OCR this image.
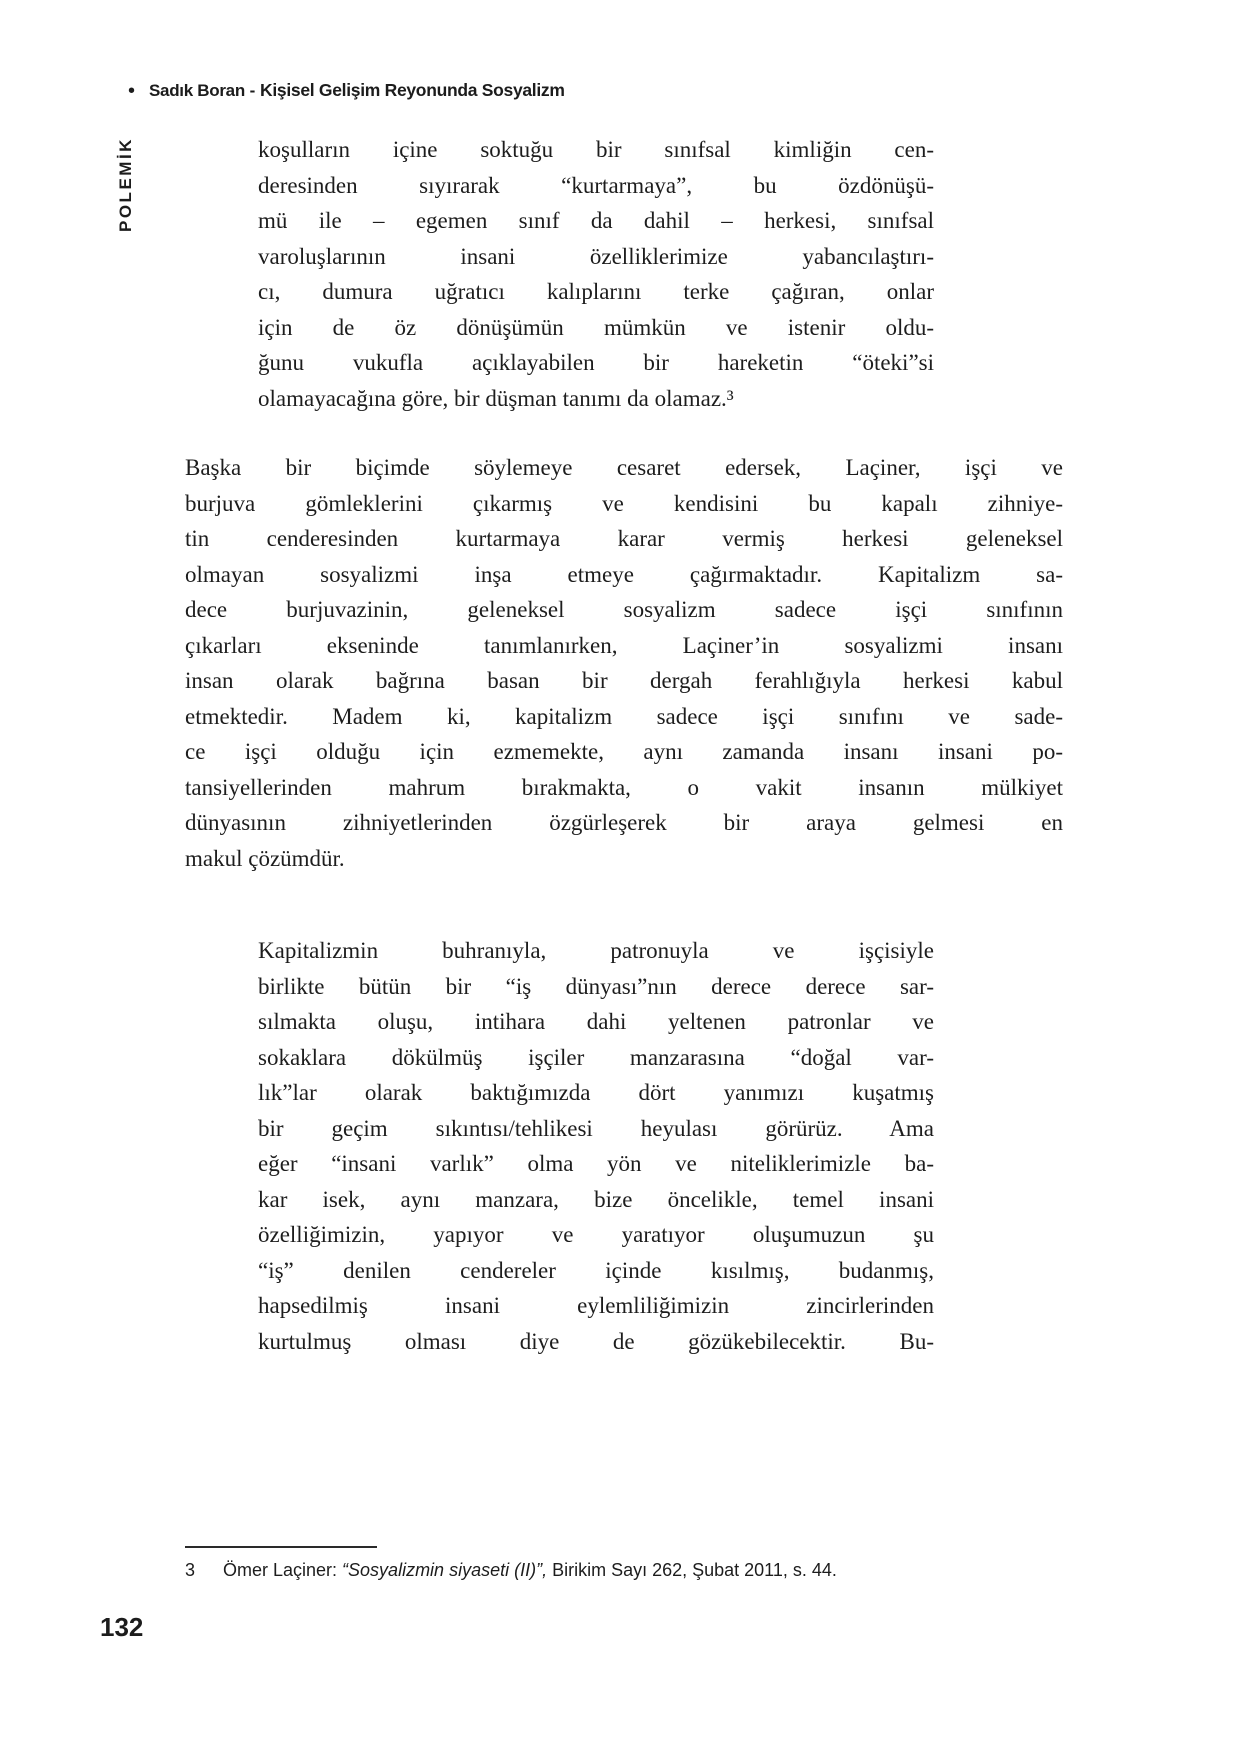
• Sadık Boran - Kişisel Gelişim Reyonunda Sosyalizm
POLEMİK	koşulların içine soktuğu bir sınıfsal kimliğin cen-
deresinden sıyırarak “kurtarmaya”, bu özdönüşü-
mü ile – egemen sınıf da dahil – herkesi, sınıfsal
varoluşlarının insani özelliklerimize yabancılaştırı-
cı, dumura uğratıcı kalıplarını terke çağıran, onlar
için de öz dönüşümün mümkün ve istenir oldu-
ğunu vukufla açıklayabilen bir hareketin “öteki”si
olamayacağına göre, bir düşman tanımı da olamaz.³
Başka bir biçimde söylemeye cesaret edersek, Laçiner, işçi ve
burjuva gömleklerini çıkarmış ve kendisini bu kapalı zihniye-
tin cenderesinden kurtarmaya karar vermiş herkesi geleneksel
olmayan sosyalizmi inşa etmeye çağırmaktadır. Kapitalizm sa-
dece burjuvazinin, geleneksel sosyalizm sadece işçi sınıfının
çıkarları ekseninde tanımlanırken, Laçiner’in sosyalizmi insanı
insan olarak bağrına basan bir dergah ferahlığıyla herkesi kabul
etmektedir. Madem ki, kapitalizm sadece işçi sınıfını ve sade-
ce işçi olduğu için ezmemekte, aynı zamanda insanı insani po-
tansiyellerinden mahrum bırakmakta, o vakit insanın mülkiyet
dünyasının zihniyetlerinden özgürleşerek bir araya gelmesi en
makul çözümdür.
Kapitalizmin buhranıyla, patronuyla ve işçisiyle
birlikte bütün bir “iş dünyası”nın derece derece sar-
sılmakta oluşu, intihara dahi yeltenen patronlar ve
sokaklara dökülmüş işçiler manzarasına “doğal var-
lık”lar olarak baktığımızda dört yanımızı kuşatmış
bir geçim sıkıntısı/tehlikesi heyulası görürüz. Ama
eğer “insani varlık” olma yön ve niteliklerimizle ba-
kar isek, aynı manzara, bize öncelikle, temel insani
özelliğimizin, yapıyor ve yaratıyor oluşumuzun şu
“iş” denilen cendereler içinde kısılmış, budanmış,
hapsedilmiş insani eylemliliğimizin zincirlerinden
kurtulmuş olması diye de gözükebilecektir. Bu-
3 Ömer Laçiner: “Sosyalizmin siyaseti (II)”, Birikim Sayı 262, Şubat 2011, s. 44.
132
